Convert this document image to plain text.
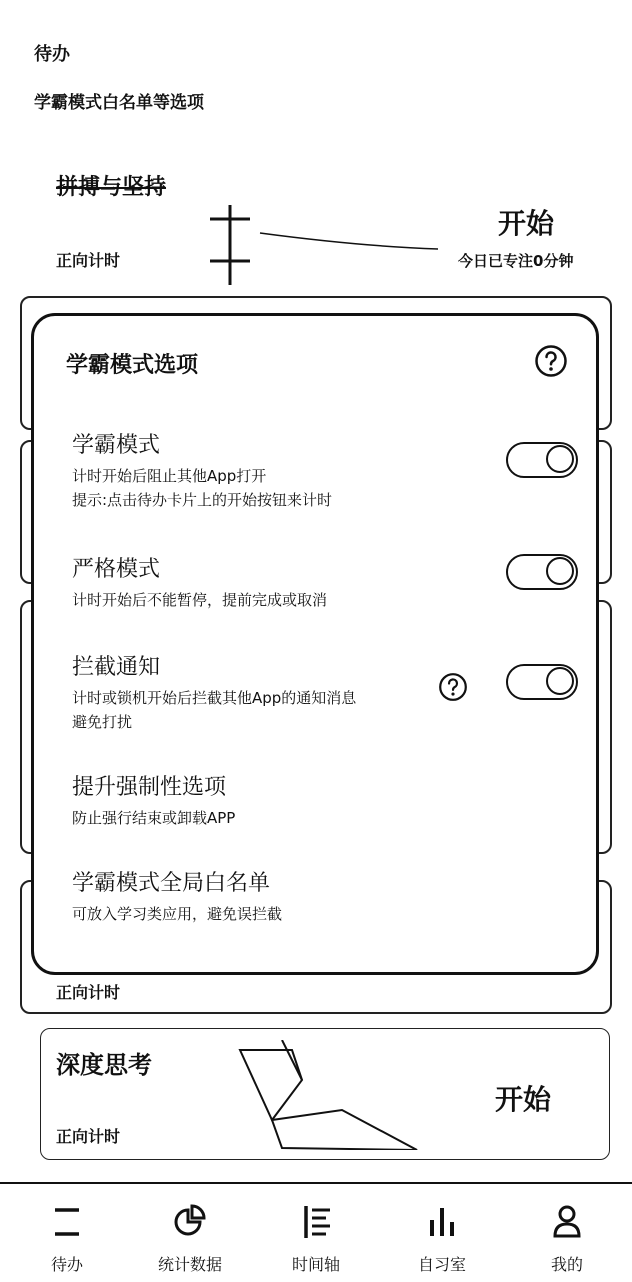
待办
学霸模式白名单等选项
拼搏与坚持
正向计时
开始
今日已专注0分钟
正向计时
深度思考
正向计时
开始
学霸模式选项
学霸模式
计时开始后阻止其他App打开
提示:点击待办卡片上的开始按钮来计时
严格模式
计时开始后不能暂停，提前完成或取消
拦截通知
计时或锁机开始后拦截其他App的通知消息
避免打扰
提升强制性选项
防止强行结束或卸载APP
学霸模式全局白名单
可放入学习类应用，避免误拦截
待办	统计数据	时间轴	自习室	我的
